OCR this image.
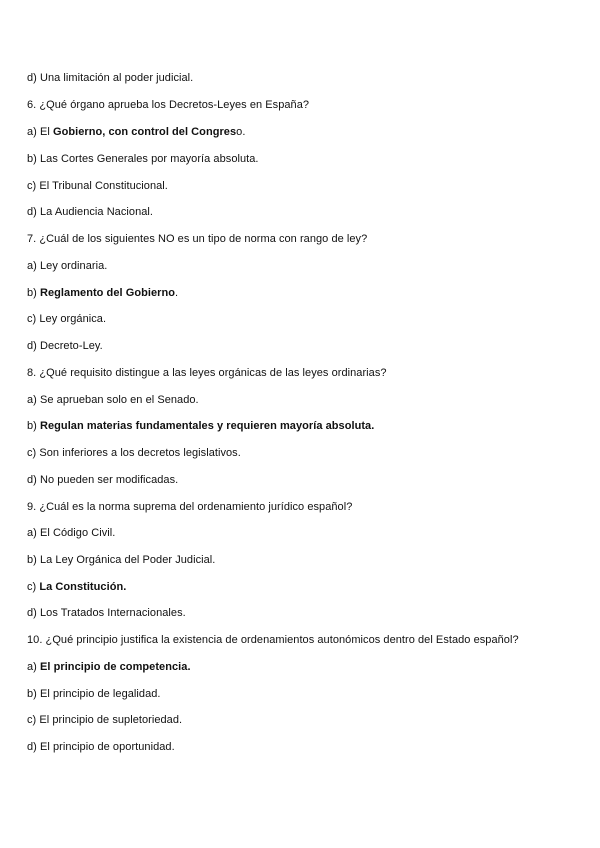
d) Una limitación al poder judicial.
6. ¿Qué órgano aprueba los Decretos-Leyes en España?
a) El Gobierno, con control del Congreso.
b) Las Cortes Generales por mayoría absoluta.
c) El Tribunal Constitucional.
d) La Audiencia Nacional.
7. ¿Cuál de los siguientes NO es un tipo de norma con rango de ley?
a) Ley ordinaria.
b) Reglamento del Gobierno.
c) Ley orgánica.
d) Decreto-Ley.
8. ¿Qué requisito distingue a las leyes orgánicas de las leyes ordinarias?
a) Se aprueban solo en el Senado.
b) Regulan materias fundamentales y requieren mayoría absoluta.
c) Son inferiores a los decretos legislativos.
d) No pueden ser modificadas.
9. ¿Cuál es la norma suprema del ordenamiento jurídico español?
a) El Código Civil.
b) La Ley Orgánica del Poder Judicial.
c) La Constitución.
d) Los Tratados Internacionales.
10. ¿Qué principio justifica la existencia de ordenamientos autonómicos dentro del Estado español?
a) El principio de competencia.
b) El principio de legalidad.
c) El principio de supletoriedad.
d) El principio de oportunidad.
